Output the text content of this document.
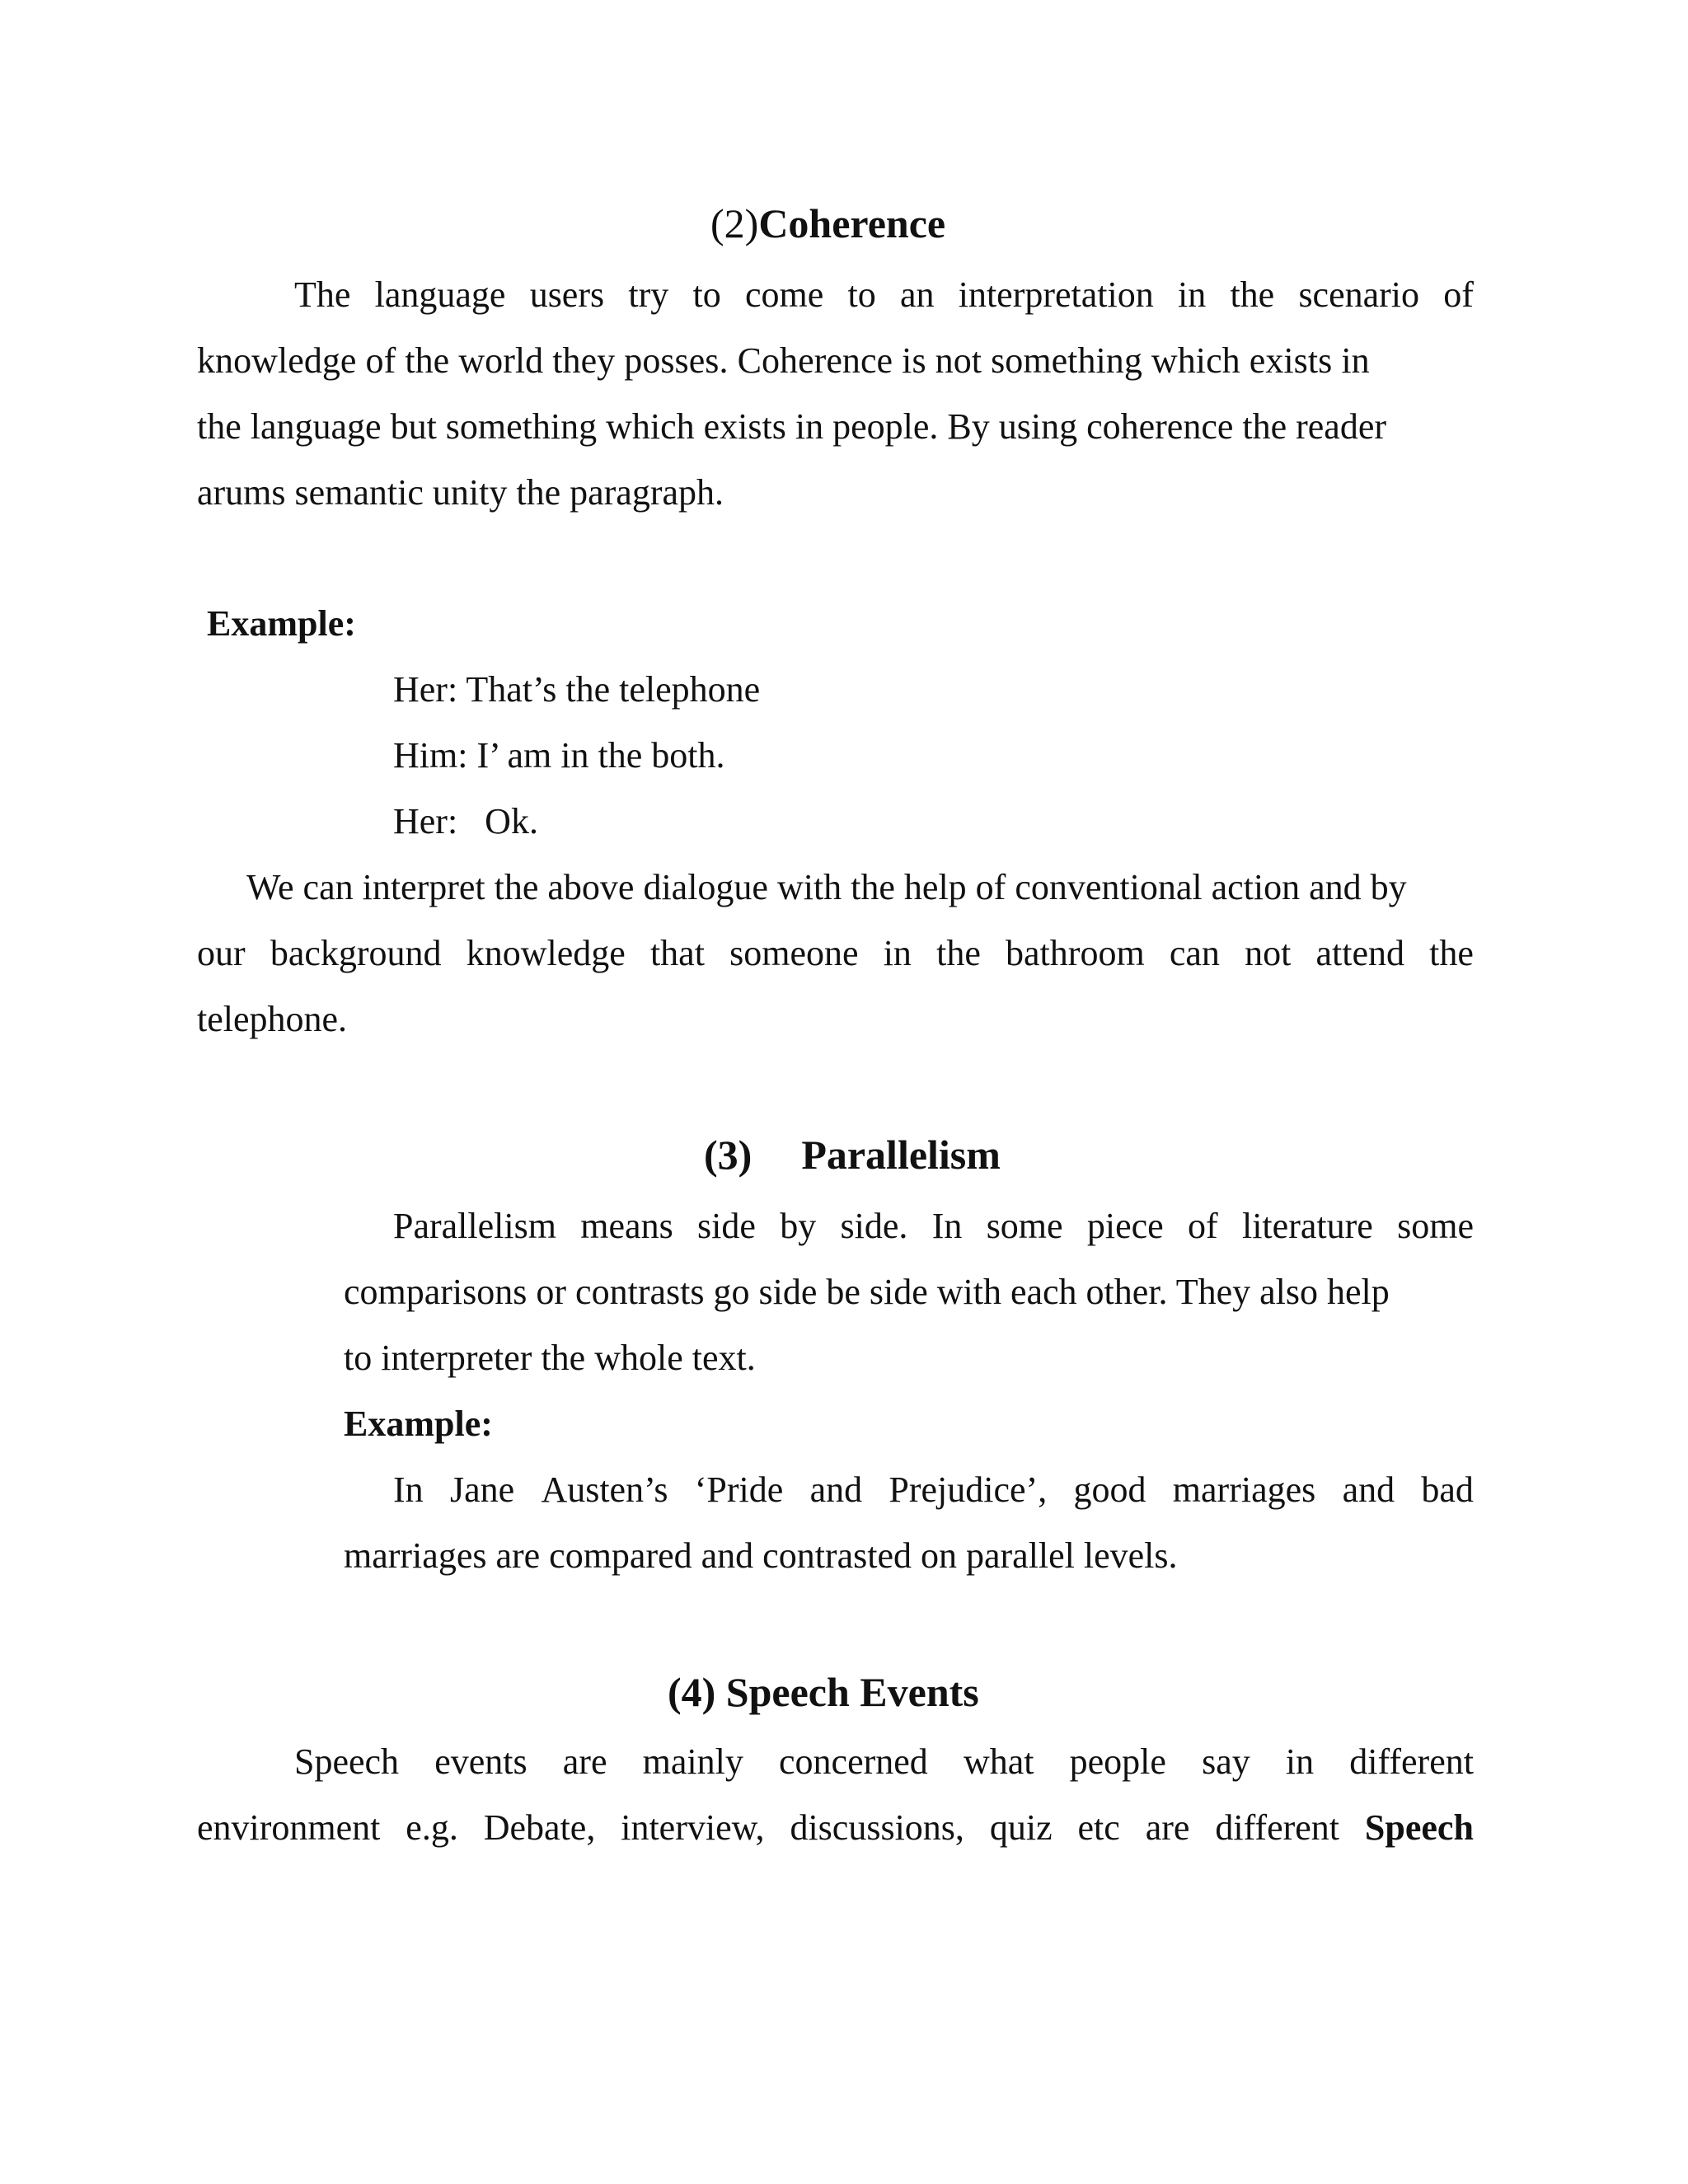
(2)Coherence
The language users try to come to an interpretation in the scenario of
knowledge of the world they posses. Coherence is not something which exists in
the language but something which exists in people. By using coherence the reader
arums semantic unity the paragraph.
Example:
Her: That’s the telephone
Him: I’ am in the both.
Her:   Ok.
We can interpret the above dialogue with the help of conventional action and by
our background knowledge that someone in the bathroom can not attend the
telephone.
(3) Parallelism
Parallelism means side by side. In some piece of literature some
comparisons or contrasts go side be side with each other. They also help
to interpreter the whole text.
Example:
In Jane Austen’s ‘Pride and Prejudice’, good marriages and bad
marriages are compared and contrasted on parallel levels.
(4) Speech Events
Speech events are mainly concerned what people say in different
environment e.g. Debate, interview, discussions, quiz etc are different Speech
